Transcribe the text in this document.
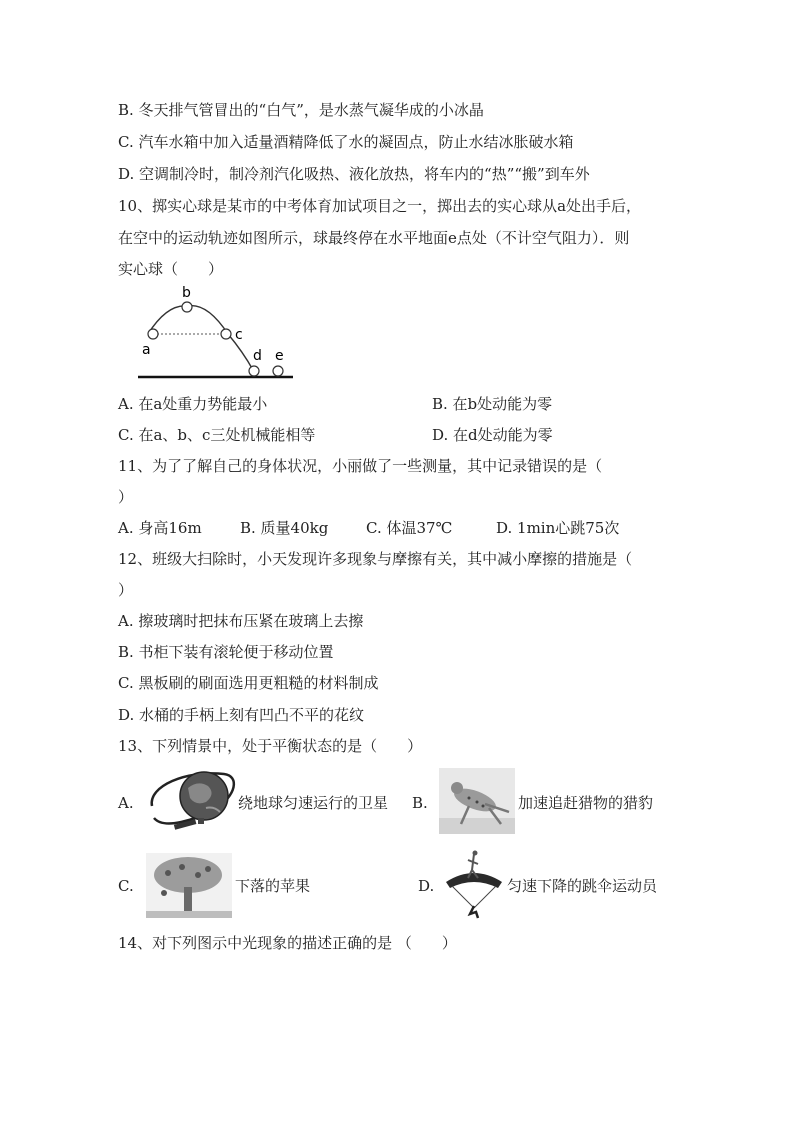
B. 冬天排气管冒出的“白气”，是水蒸气凝华成的小冰晶
C. 汽车水箱中加入适量酒精降低了水的凝固点，防止水结冰胀破水箱
D. 空调制冷时，制冷剂汽化吸热、液化放热，将车内的“热”“搬”到车外
10、掷实心球是某市的中考体育加试项目之一，掷出去的实心球从a处出手后，
在空中的运动轨迹如图所示，球最终停在水平地面e点处（不计空气阻力）．则
实心球（　　）
a
b
c
d e
A. 在a处重力势能最小	B. 在b处动能为零
C. 在a、b、c三处机械能相等	D. 在d处动能为零
11、为了了解自己的身体状况，小丽做了一些测量，其中记录错误的是（
）
A. 身高16m	B. 质量40kg	C. 体温37℃	D. 1min心跳75次
12、班级大扫除时，小天发现许多现象与摩擦有关，其中减小摩擦的措施是（
）
A. 擦玻璃时把抹布压紧在玻璃上去擦
B. 书柜下装有滚轮便于移动位置
C. 黑板刷的刷面选用更粗糙的材料制成
D. 水桶的手柄上刻有凹凸不平的花纹
13、下列情景中，处于平衡状态的是（　　）
A.	绕地球匀速运行的卫星 B.	加速追赶猎物的猎豹
C.	下落的苹果	D.	匀速下降的跳伞运动员
14、对下列图示中光现象的描述正确的是 （　　）
